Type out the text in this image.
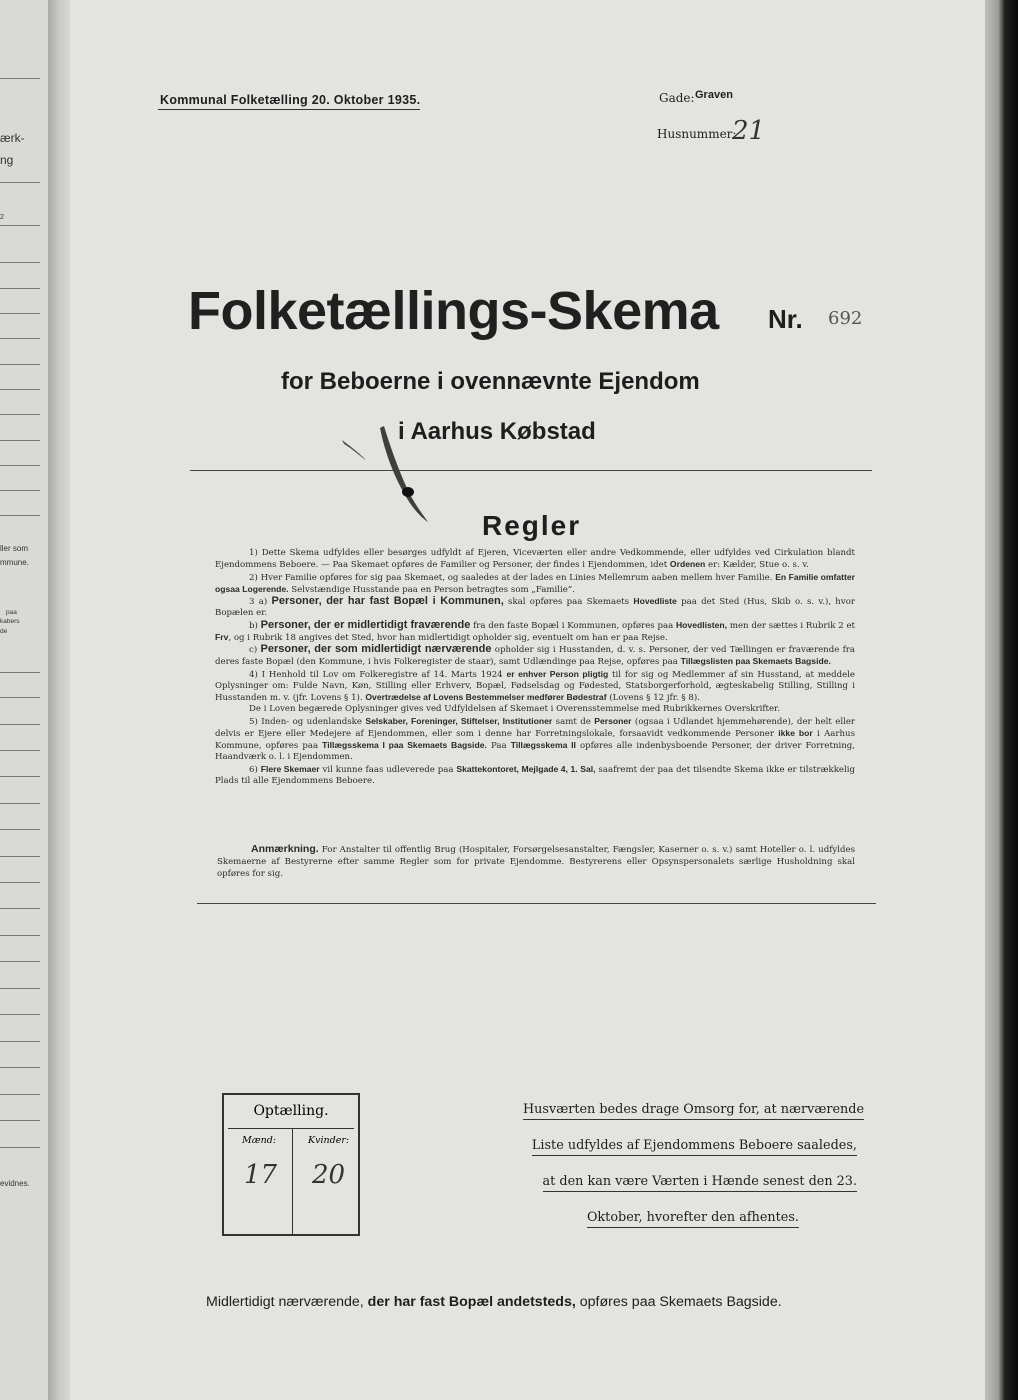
ærk-
ng
2
ller som
mmune.
paa
kabers
de
evidnes.
Kommunal Folketælling 20. Oktober 1935.	Gade: Graven
Husnummer:
21
Folketællings-Skema Nr. 692
for Beboerne i ovennævnte Ejendom
i Aarhus Købstad
Regler

1) Dette Skema udfyldes eller besørges udfyldt af Ejeren, Viceværten eller andre Vedkommende, eller udfyldes ved Cirkulation blandt Ejendommens Beboere. — Paa Skemaet opføres de Familier og Personer, der findes i Ejendommen, idet Ordenen er: Kælder, Stue o. s. v.

2) Hver Familie opføres for sig paa Skemaet, og saaledes at der lades en Linies Mellemrum aaben mellem hver Familie. En Familie omfatter ogsaa Logerende. Selvstændige Husstande paa en Person betragtes som „Familie“.

3 a) Personer, der har fast Bopæl i Kommunen, skal opføres paa Skemaets Hovedliste paa det Sted (Hus, Skib o. s. v.), hvor Bopælen er.

b) Personer, der er midlertidigt fraværende fra den faste Bopæl i Kommunen, opføres paa Hovedlisten, men der sættes i Rubrik 2 et Frv, og i Rubrik 18 angives det Sted, hvor han midlertidigt opholder sig, eventuelt om han er paa Rejse.

c) Personer, der som midlertidigt nærværende opholder sig i Husstanden, d. v. s. Personer, der ved Tællingen er fraværende fra deres faste Bopæl (den Kommune, i hvis Folkeregister de staar), samt Udlændinge paa Rejse, opføres paa Tillægslisten paa Skemaets Bagside.

4) I Henhold til Lov om Folkeregistre af 14. Marts 1924 er enhver Person pligtig til for sig og Medlemmer af sin Husstand, at meddele Oplysninger om: Fulde Navn, Køn, Stilling eller Erhverv, Bopæl, Fødselsdag og Fødested, Statsborgerforhold, ægteskabelig Stilling, Stilling i Husstanden m. v. (jfr. Lovens § 1). Overtrædelse af Lovens Bestemmelser medfører Bødestraf (Lovens § 12 jfr. § 8).

De i Loven begærede Oplysninger gives ved Udfyldelsen af Skemaet i Overensstemmelse med Rubrikkernes Overskrifter.

5) Inden- og udenlandske Selskaber, Foreninger, Stiftelser, Institutioner samt de Personer (ogsaa i Udlandet hjemmehørende), der helt eller delvis er Ejere eller Medejere af Ejendommen, eller som i denne har Forretningslokale, forsaavidt vedkommende Personer ikke bor i Aarhus Kommune, opføres paa Tillægsskema I paa Skemaets Bagside. Paa Tillægsskema II opføres alle indenbysboende Personer, der driver Forretning, Haandværk o. l. i Ejendommen.

6) Flere Skemaer vil kunne faas udleverede paa Skattekontoret, Mejlgade 4, 1. Sal, saafremt der paa det tilsendte Skema ikke er tilstrækkelig Plads til alle Ejendommens Beboere.

Anmærkning. For Anstalter til offentlig Brug (Hospitaler, Forsørgelsesanstalter, Fængsler, Kaserner o. s. v.) samt Hoteller o. l. udfyldes Skemaerne af Bestyrerne efter samme Regler som for private Ejendomme. Bestyrerens eller Opsynspersonalets særlige Husholdning skal opføres for sig.

Optælling.
Mænd:	Kvinder:
17 20
Husværten bedes drage Omsorg for, at nærværende
Liste udfyldes af Ejendommens Beboere saaledes,
at den kan være Værten i Hænde senest den 23.
Oktober, hvorefter den afhentes.
Midlertidigt nærværende, der har fast Bopæl andetsteds, opføres paa Skemaets Bagside.
